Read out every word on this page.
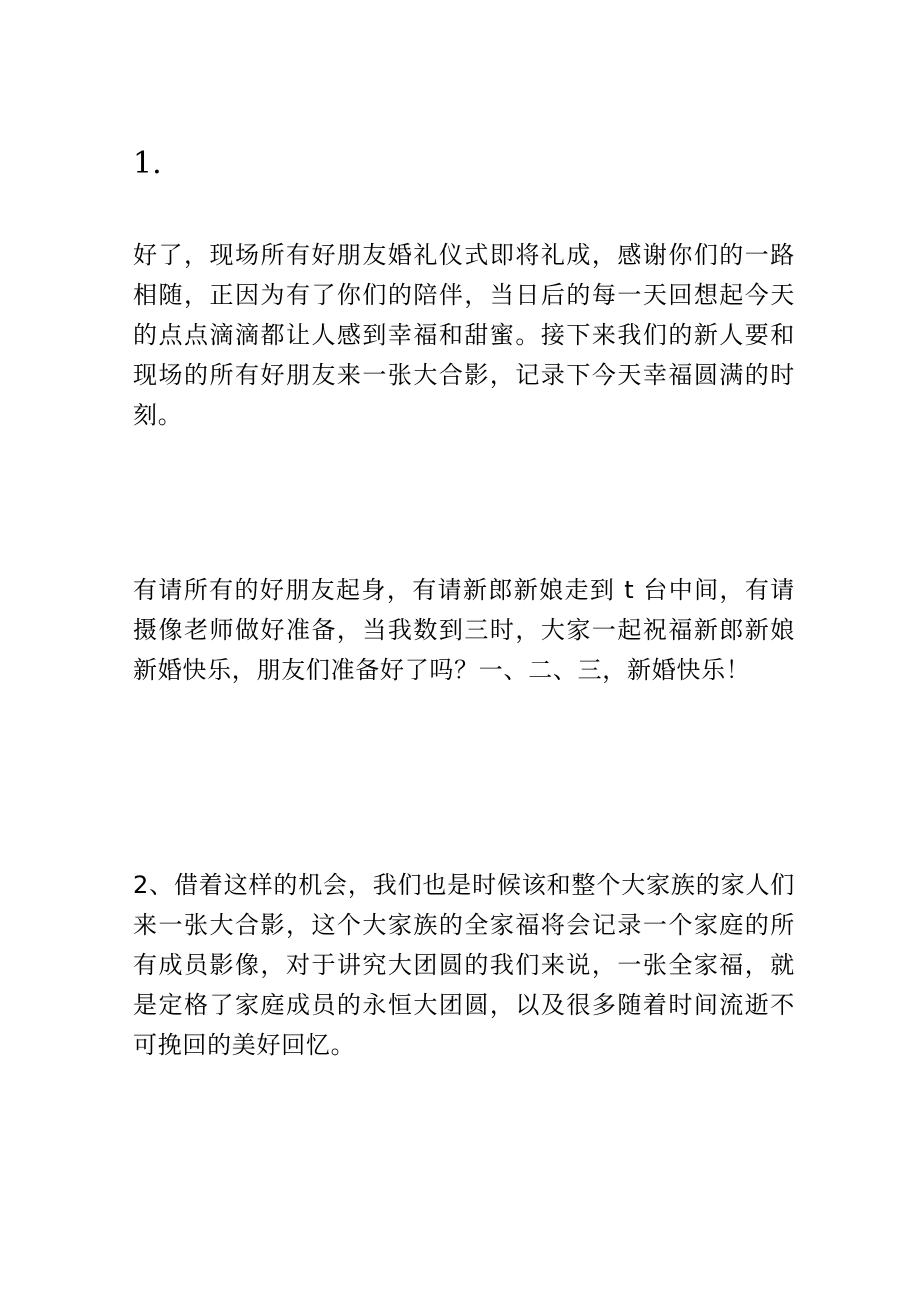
1.

好了，现场所有好朋友婚礼仪式即将礼成，感谢你们的一路相随，正因为有了你们的陪伴，当日后的每一天回想起今天的点点滴滴都让人感到幸福和甜蜜。接下来我们的新人要和现场的所有好朋友来一张大合影，记录下今天幸福圆满的时刻。

有请所有的好朋友起身，有请新郎新娘走到 t 台中间，有请摄像老师做好准备，当我数到三时，大家一起祝福新郎新娘新婚快乐，朋友们准备好了吗？一、二、三，新婚快乐！

2、借着这样的机会，我们也是时候该和整个大家族的家人们来一张大合影，这个大家族的全家福将会记录一个家庭的所有成员影像，对于讲究大团圆的我们来说，一张全家福，就是定格了家庭成员的永恒大团圆，以及很多随着时间流逝不可挽回的美好回忆。
